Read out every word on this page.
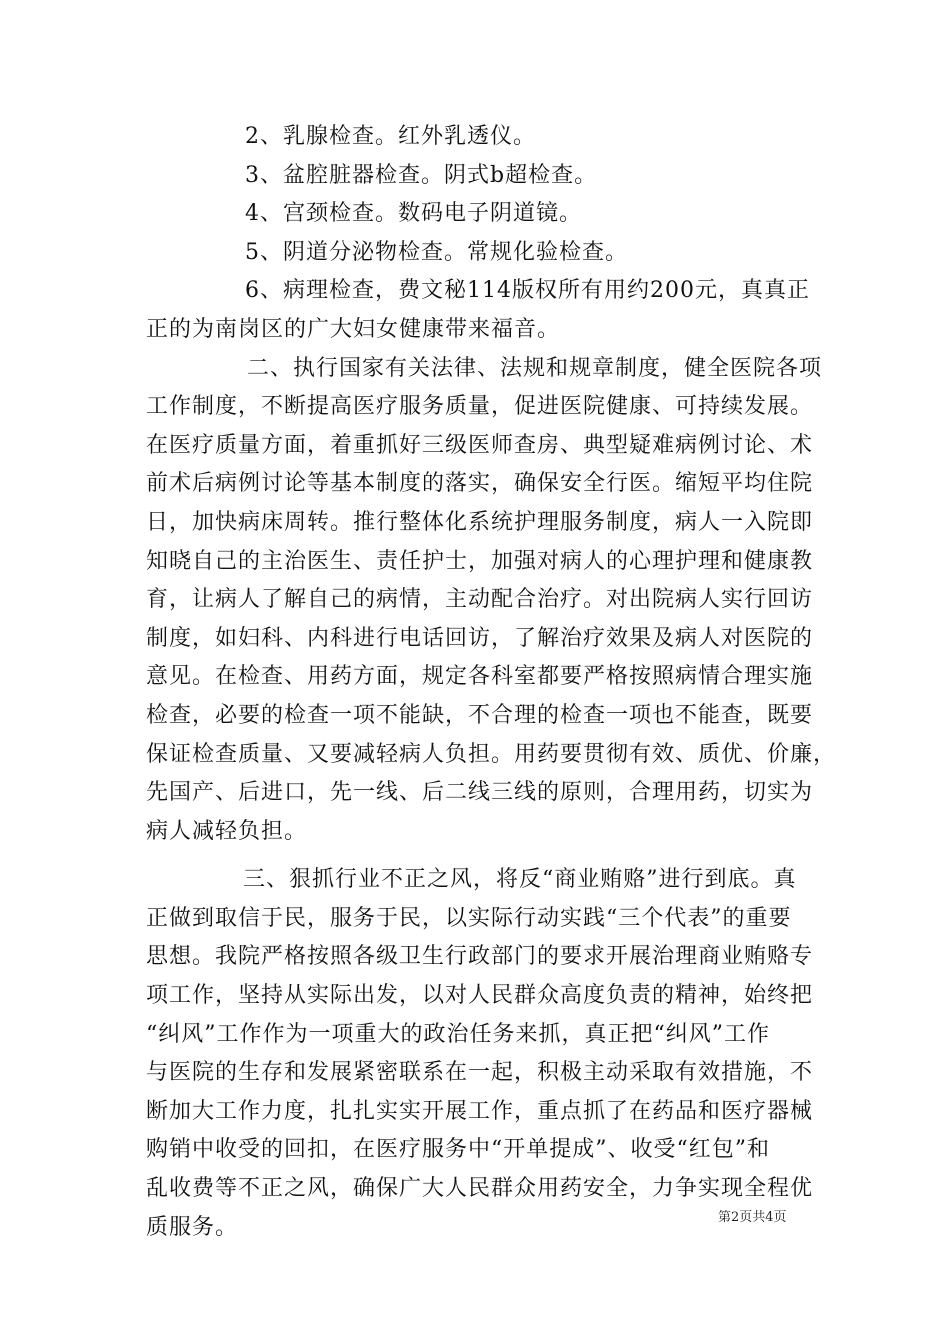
2、乳腺检查。红外乳透仪。
3、盆腔脏器检查。阴式b超检查。
4、宫颈检查。数码电子阴道镜。
5、阴道分泌物检查。常规化验检查。
6、病理检查，费文秘114版权所有用约200元，真真正
正的为南岗区的广大妇女健康带来福音。
二、执行国家有关法律、法规和规章制度，健全医院各项
工作制度，不断提高医疗服务质量，促进医院健康、可持续发展。
在医疗质量方面，着重抓好三级医师查房、典型疑难病例讨论、术
前术后病例讨论等基本制度的落实，确保安全行医。缩短平均住院
日，加快病床周转。推行整体化系统护理服务制度，病人一入院即
知晓自己的主治医生、责任护士，加强对病人的心理护理和健康教
育，让病人了解自己的病情，主动配合治疗。对出院病人实行回访
制度，如妇科、内科进行电话回访，了解治疗效果及病人对医院的
意见。在检查、用药方面，规定各科室都要严格按照病情合理实施
检查，必要的检查一项不能缺，不合理的检查一项也不能查，既要
保证检查质量、又要减轻病人负担。用药要贯彻有效、质优、价廉，
先国产、后进口，先一线、后二线三线的原则，合理用药，切实为
病人减轻负担。
三、狠抓行业不正之风，将反“商业贿赂”进行到底。真
正做到取信于民，服务于民，以实际行动实践“三个代表”的重要
思想。我院严格按照各级卫生行政部门的要求开展治理商业贿赂专
项工作，坚持从实际出发，以对人民群众高度负责的精神，始终把
“纠风”工作作为一项重大的政治任务来抓，真正把“纠风”工作
与医院的生存和发展紧密联系在一起，积极主动采取有效措施，不
断加大工作力度，扎扎实实开展工作，重点抓了在药品和医疗器械
购销中收受的回扣，在医疗服务中“开单提成”、收受“红包”和
乱收费等不正之风，确保广大人民群众用药安全，力争实现全程优
质服务。	第2页共4页
